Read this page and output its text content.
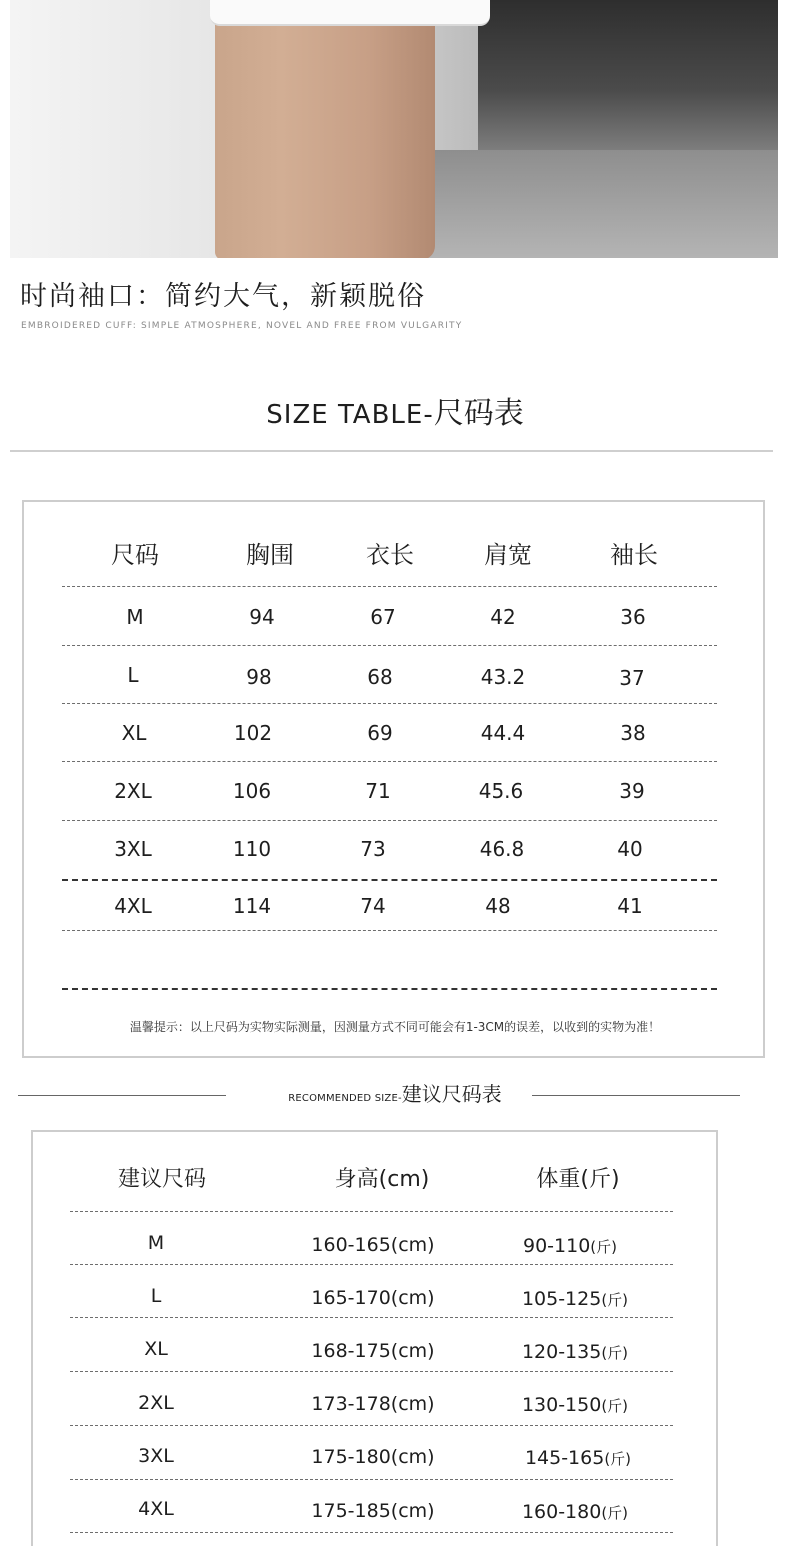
时尚袖口：简约大气，新颖脱俗
EMBROIDERED CUFF: SIMPLE ATMOSPHERE, NOVEL AND FREE FROM VULGARITY
SIZE TABLE-尺码表
尺码	胸围	衣长	肩宽	袖长
M	94	67	42	36
L	98	68	43.2	37
XL	102	69	44.4	38
2XL	106	71	45.6	39
3XL	110	73	46.8	40
4XL	114	74	48	41
温馨提示：以上尺码为实物实际测量，因测量方式不同可能会有1-3CM的误差，以收到的实物为准！
RECOMMENDED SIZE-建议尺码表
建议尺码	身高(cm)	体重(斤)
M	160-165(cm)	90-110(斤)
L	165-170(cm)	105-125(斤)
XL	168-175(cm)	120-135(斤)
2XL	173-178(cm)	130-150(斤)
3XL	175-180(cm)	145-165(斤)
4XL	175-185(cm)	160-180(斤)
